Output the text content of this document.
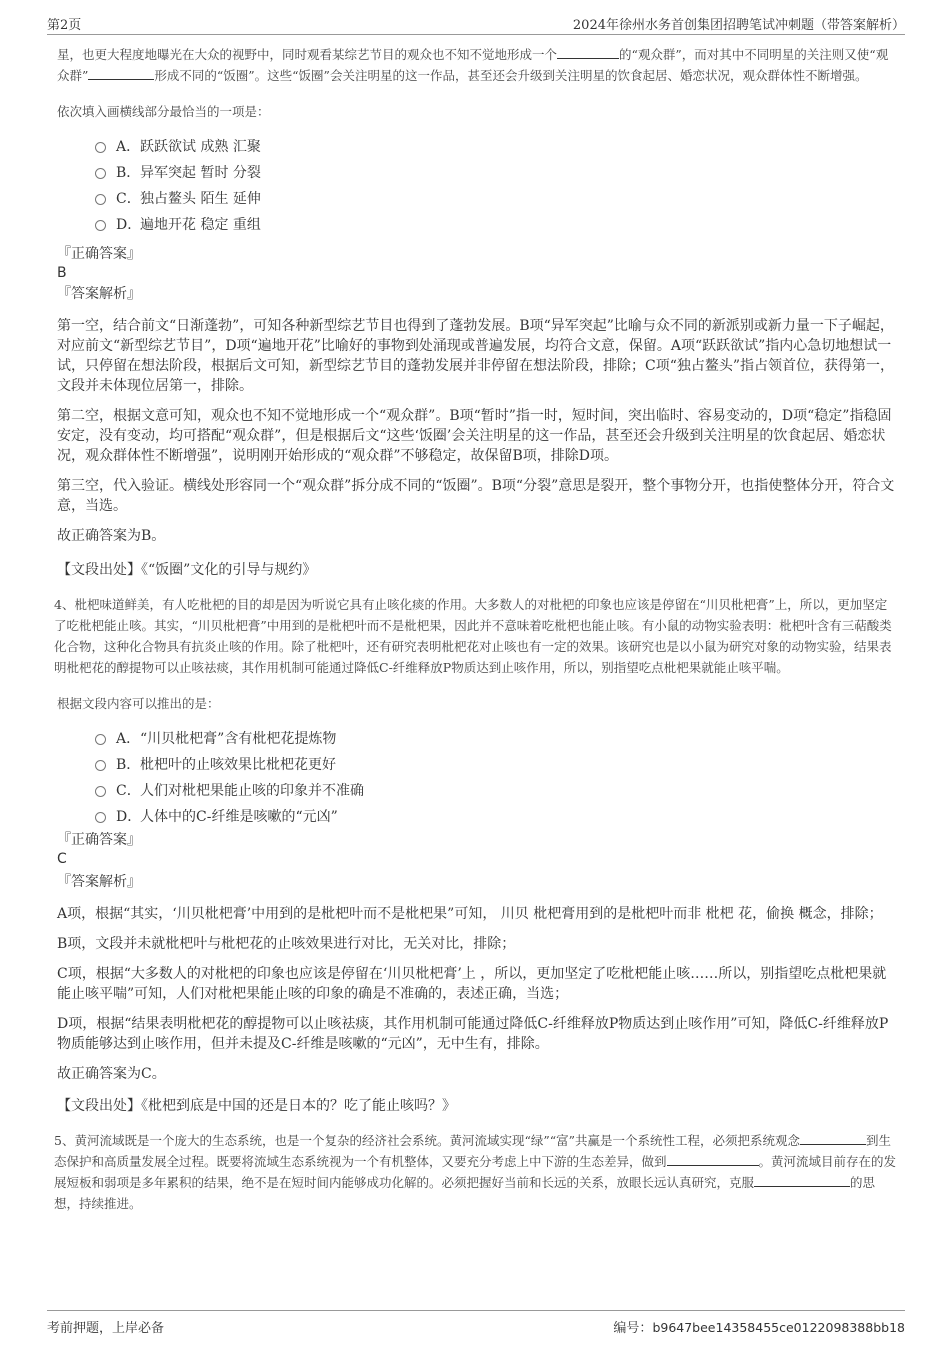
第2页	2024年徐州水务首创集团招聘笔试冲刺题（带答案解析）

星，也更大程度地曝光在大众的视野中，同时观看某综艺节目的观众也不知不觉地形成一个	的“观众群”，而对其中不同明星的关注则又使“观众群”	形成不同的“饭圈”。这些“饭圈”会关注明星的这一作品，甚至还会升级到关注明星的饮食起居、婚恋状况，观众群体性不断增强。

依次填入画横线部分最恰当的一项是：

A． 跃跃欲试 成熟 汇聚
B． 异军突起 暂时 分裂
C． 独占鳌头 陌生 延伸
D．
遍地开花 稳定 重组

『正确答案』

B

『答案解析』

第一空，结合前文“日渐蓬勃”，可知各种新型综艺节目也得到了蓬勃发展。B项“异军突起”比喻与众不同的新派别或新力量一下子崛起，对应前文“新型综艺节目”，D项“遍地开花”比喻好的事物到处涌现或普遍发展，均符合文意，保留。A项“跃跃欲试”指内心急切地想试一试，只停留在想法阶段，根据后文可知，新型综艺节目的蓬勃发展并非停留在想法阶段，排除；C项“独占鳌头”指占领首位，获得第一，文段并未体现位居第一，排除。

第二空，根据文意可知，观众也不知不觉地形成一个“观众群”。B项“暂时”指一时，短时间，突出临时、容易变动的，D项“稳定”指稳固安定，没有变动，均可搭配“观众群”，但是根据后文“这些‘饭圈’会关注明星的这一作品，甚至还会升级到关注明星的饮食起居、婚恋状况，观众群体性不断增强”，说明刚开始形成的“观众群”不够稳定，故保留B项，排除D项。

第三空，代入验证。横线处形容同一个“观众群”拆分成不同的“饭圈”。B项“分裂”意思是裂开，整个事物分开，也指使整体分开，符合文意，当选。

故正确答案为B。

【文段出处】《“饭圈”文化的引导与规约》

4、枇杷味道鲜美，有人吃枇杷的目的却是因为听说它具有止咳化痰的作用。大多数人的对枇杷的印象也应该是停留在“川贝枇杷膏”上，所以，更加坚定了吃枇杷能止咳。其实，“川贝枇杷膏”中用到的是枇杷叶而不是枇杷果，因此并不意味着吃枇杷也能止咳。有小鼠的动物实验表明：枇杷叶含有三萜酸类化合物，这种化合物具有抗炎止咳的作用。除了枇杷叶，还有研究表明枇杷花对止咳也有一定的效果。该研究也是以小鼠为研究对象的动物实验，结果表明枇杷花的醇提物可以止咳祛痰，其作用机制可能通过降低C-纤维释放P物质达到止咳作用，所以，别指望吃点枇杷果就能止咳平喘。

根据文段内容可以推出的是：

A． “川贝枇杷膏”含有枇杷花提炼物
B． 枇杷叶的止咳效果比枇杷花更好
C． 人们对枇杷果能止咳的印象并不准确
D．
人体中的C-纤维是咳嗽的“元凶”

『正确答案』

C

『答案解析』

A项，根据“其实，‘川贝枇杷膏’中用到的是枇杷叶而不是枇杷果”可知， 川贝 枇杷膏用到的是枇杷叶而非 枇杷 花，偷换 概念，排除；

B项，文段并未就枇杷叶与枇杷花的止咳效果进行对比，无关对比，排除；

C项，根据“大多数人的对枇杷的印象也应该是停留在‘川贝枇杷膏’上 ，所以，更加坚定了吃枇杷能止咳……所以，别指望吃点枇杷果就能止咳平喘”可知，人们对枇杷果能止咳的印象的确是不准确的，表述正确，当选；

D项，根据“结果表明枇杷花的醇提物可以止咳祛痰，其作用机制可能通过降低C-纤维释放P物质达到止咳作用”可知，降低C-纤维释放P物质能够达到止咳作用，但并未提及C-纤维是咳嗽的“元凶”，无中生有，排除。

故正确答案为C。

【文段出处】《枇杷到底是中国的还是日本的？吃了能止咳吗？》

5、黄河流域既是一个庞大的生态系统，也是一个复杂的经济社会系统。黄河流域实现“绿”“富”共赢是一个系统性工程，必须把系统观念	到生态保护和高质量发展全过程。既要将流域生态系统视为一个有机整体，又要充分考虑上中下游的生态差异，做到	。黄河流域目前存在的发展短板和弱项是多年累积的结果，绝不是在短时间内能够成功化解的。必须把握好当前和长远的关系，放眼长远认真研究，克服	的思想，持续推进。

考前押题，上岸必备	编号：b9647bee14358455ce0122098388bb18
